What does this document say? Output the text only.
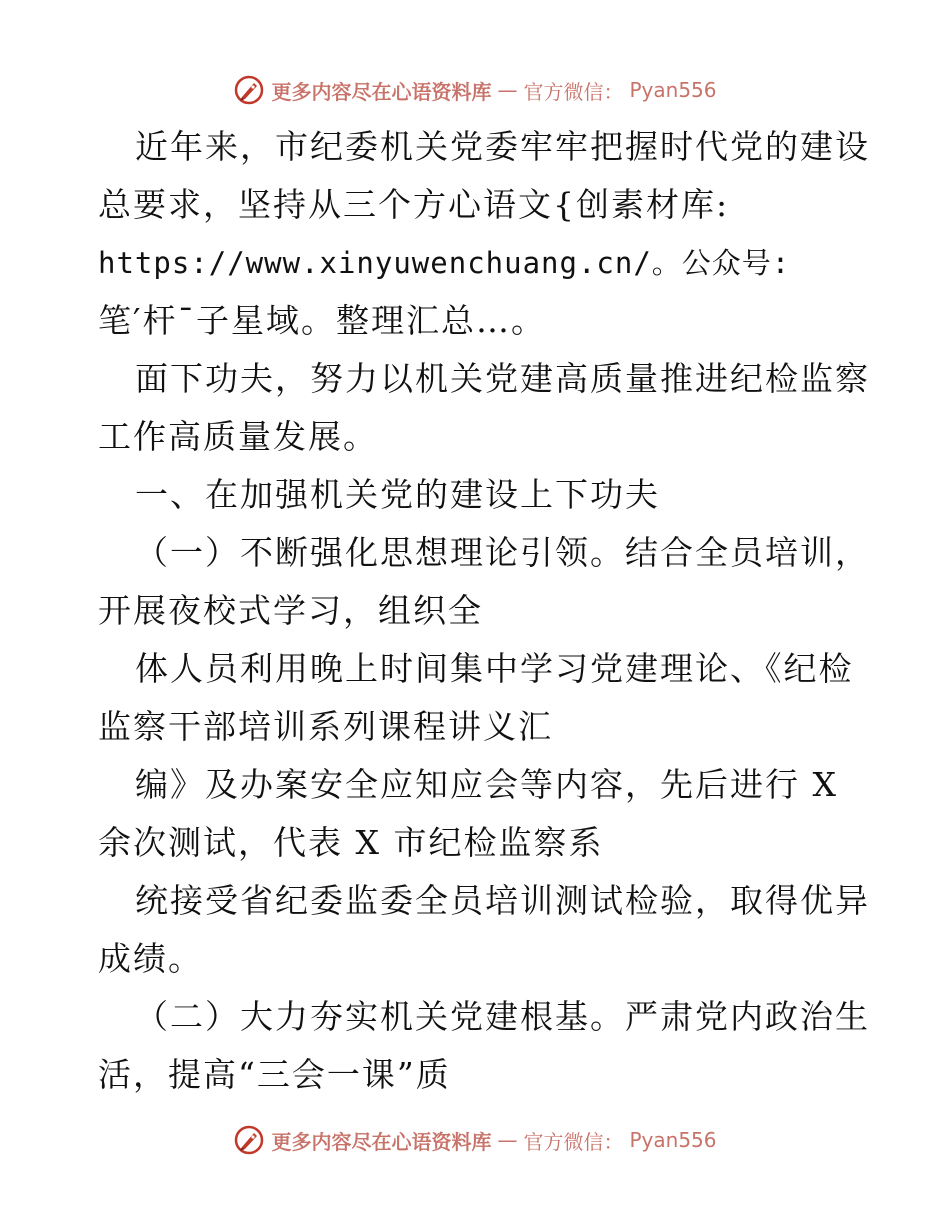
更多内容尽在心语资料库 — 官方微信： Pyan556
近年来，市纪委机关党委牢牢把握时代党的建设
总要求，坚持从三个方心语文{创素材库:
https://www.xinyuwenchuang.cn/。公众号:
笔′杆¯子星域。整理汇总…。
面下功夫，努力以机关党建高质量推进纪检监察
工作高质量发展。
一、在加强机关党的建设上下功夫
（一）不断强化思想理论引领。结合全员培训，
开展夜校式学习，组织全
体人员利用晚上时间集中学习党建理论、《纪检
监察干部培训系列课程讲义汇
编》及办案安全应知应会等内容，先后进行 X
余次测试，代表 X 市纪检监察系
统接受省纪委监委全员培训测试检验，取得优异
成绩。
（二）大力夯实机关党建根基。严肃党内政治生
活，提高“三会一课”质
更多内容尽在心语资料库 — 官方微信： Pyan556
